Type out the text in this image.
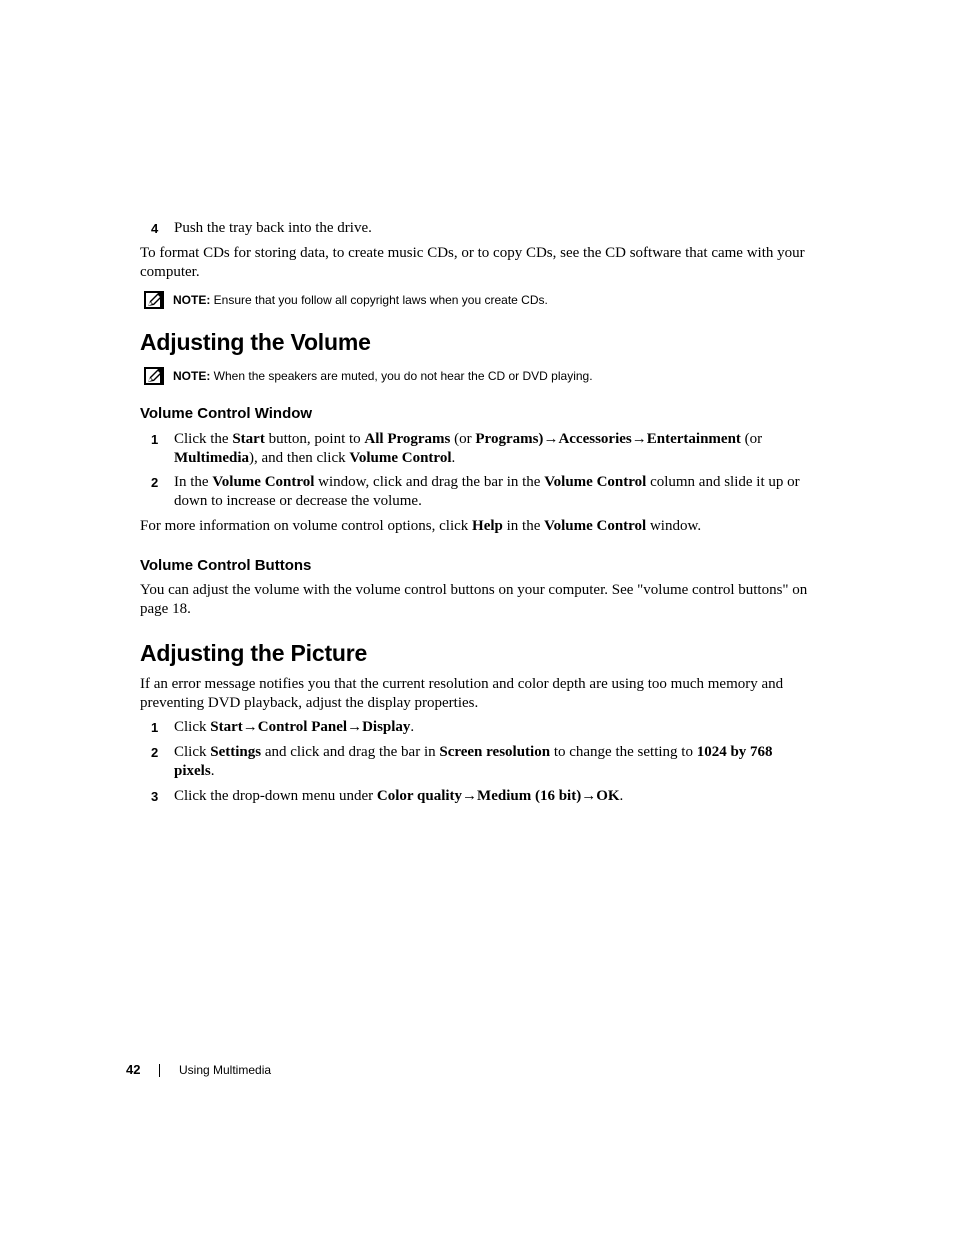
4 Push the tray back into the drive.
To format CDs for storing data, to create music CDs, or to copy CDs, see the CD software that came with your computer.
NOTE: Ensure that you follow all copyright laws when you create CDs.
Adjusting the Volume
NOTE: When the speakers are muted, you do not hear the CD or DVD playing.
Volume Control Window
1 Click the Start button, point to All Programs (or Programs)→Accessories→Entertainment (or Multimedia), and then click Volume Control.
2 In the Volume Control window, click and drag the bar in the Volume Control column and slide it up or down to increase or decrease the volume.
For more information on volume control options, click Help in the Volume Control window.
Volume Control Buttons
You can adjust the volume with the volume control buttons on your computer. See "volume control buttons" on page 18.
Adjusting the Picture
If an error message notifies you that the current resolution and color depth are using too much memory and preventing DVD playback, adjust the display properties.
1 Click Start→Control Panel→Display.
2 Click Settings and click and drag the bar in Screen resolution to change the setting to 1024 by 768 pixels.
3 Click the drop-down menu under Color quality→Medium (16 bit)→OK.
42	Using Multimedia
